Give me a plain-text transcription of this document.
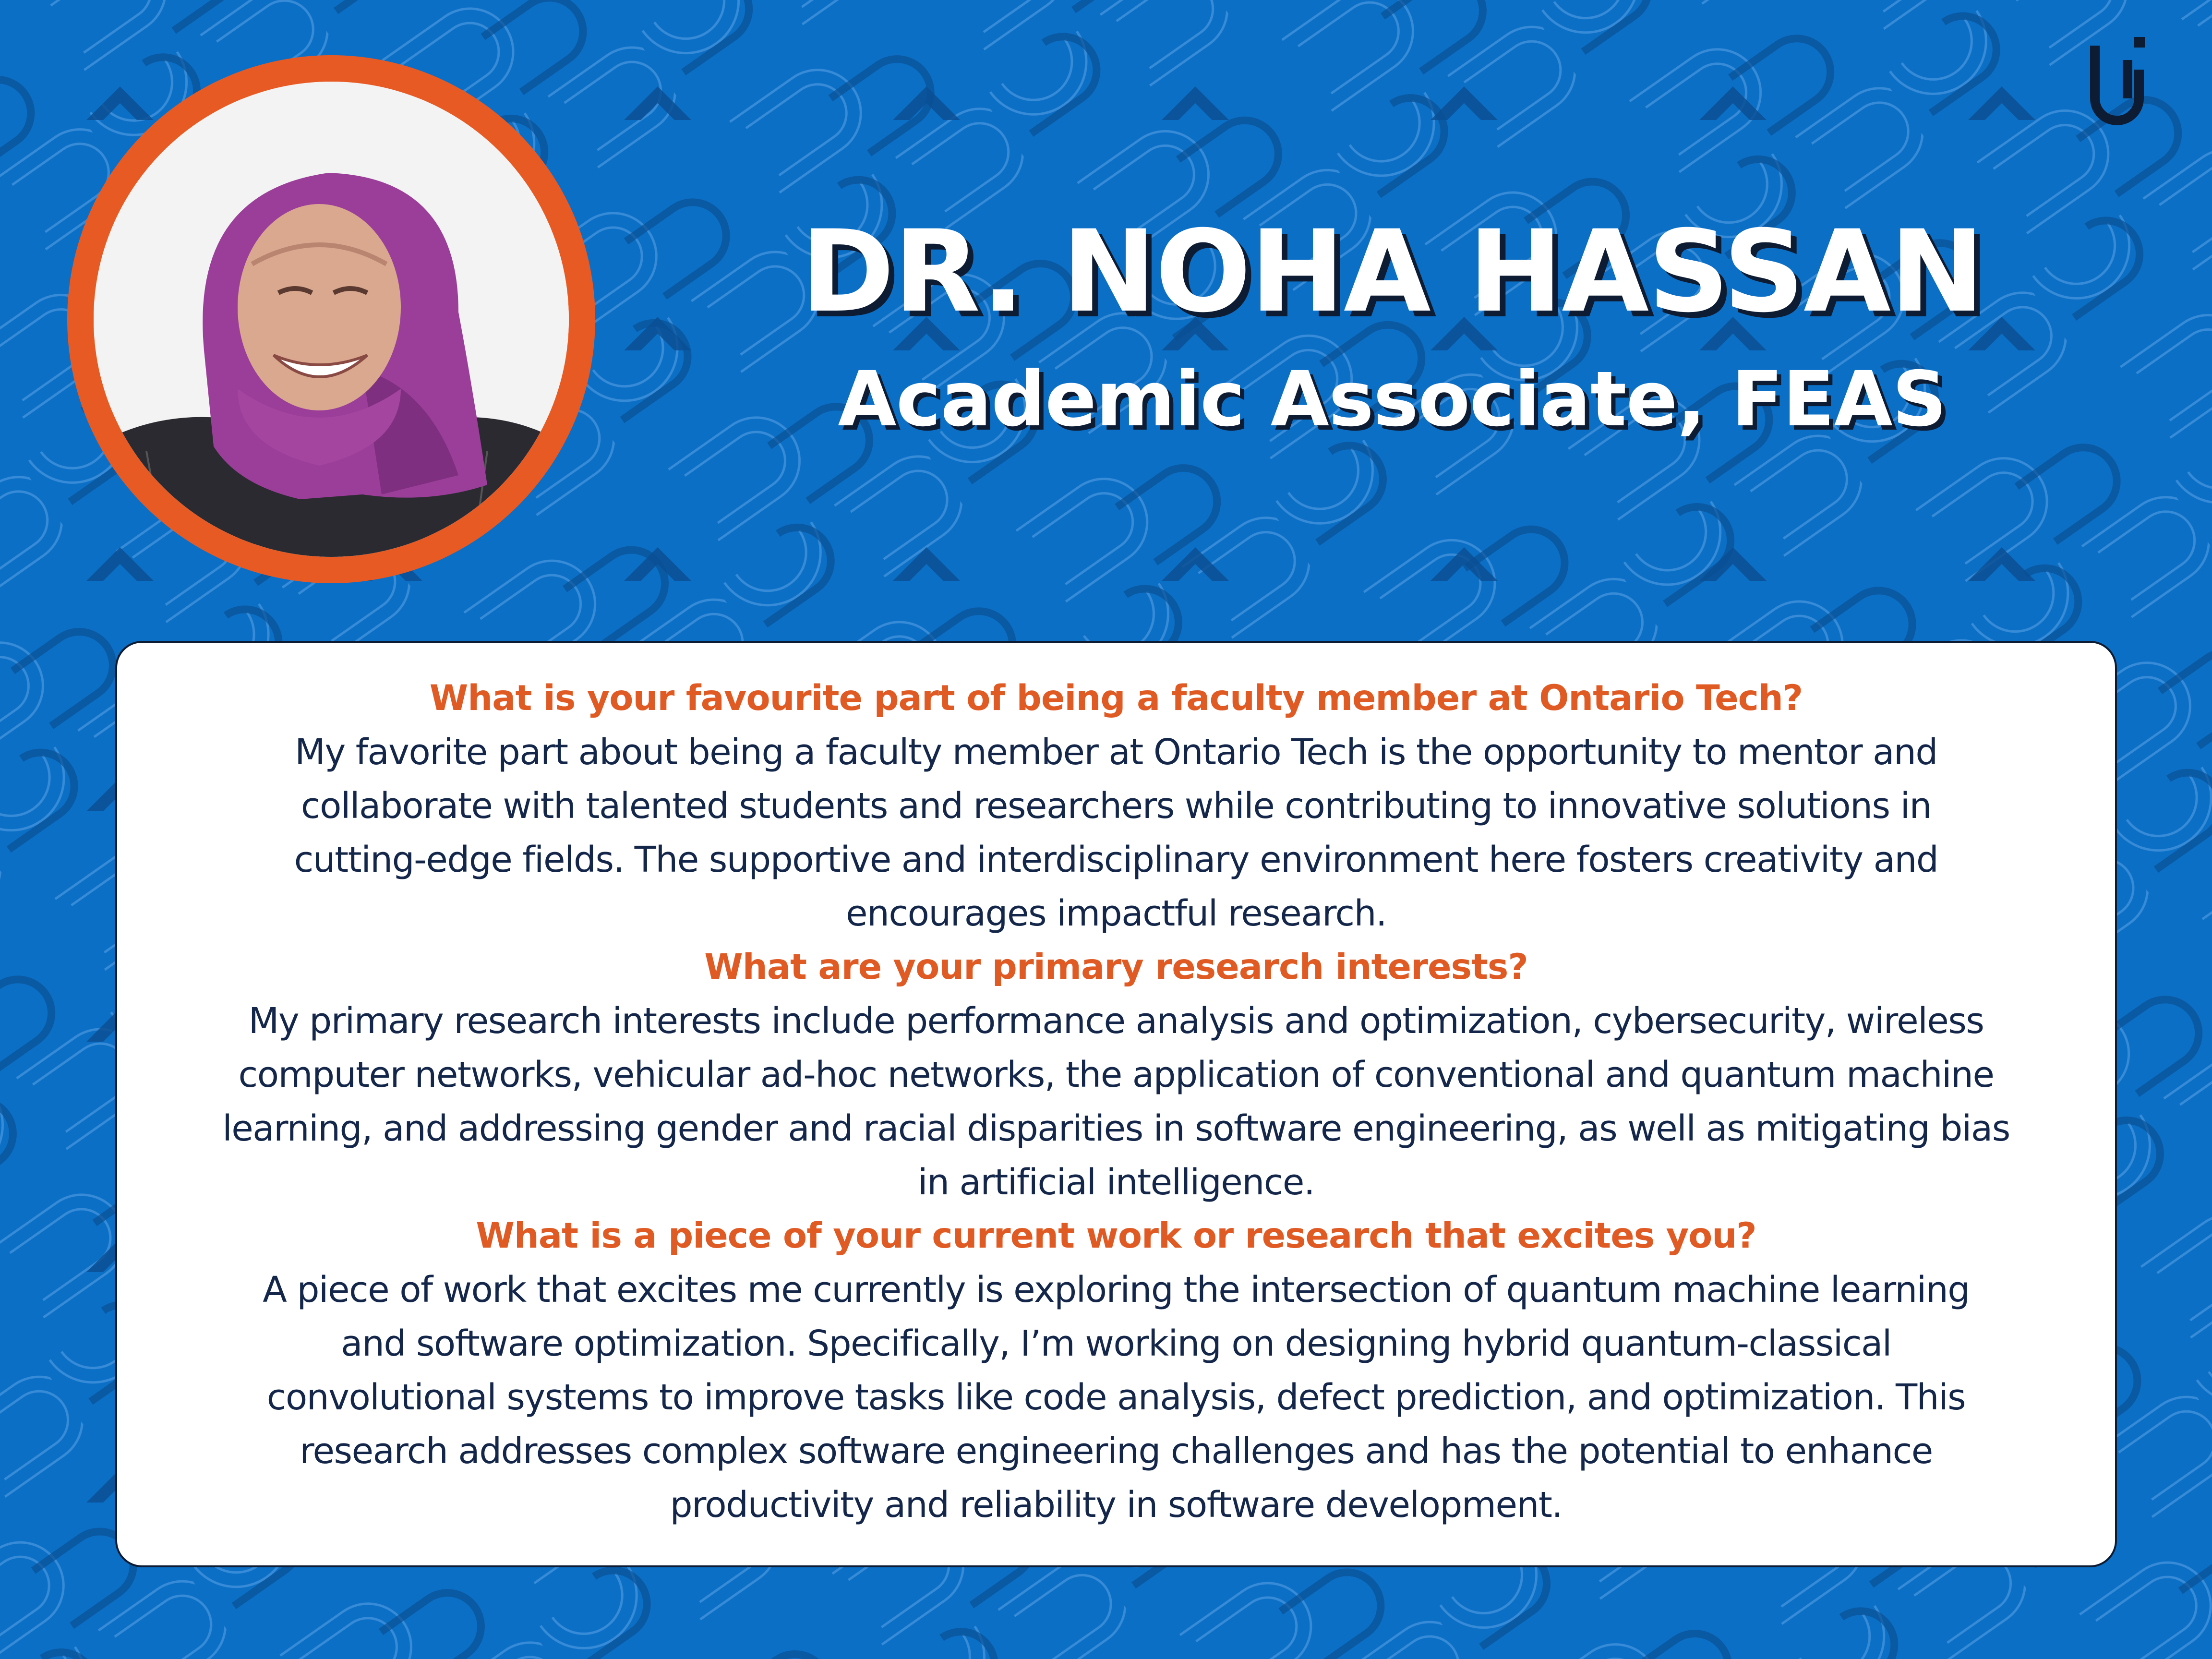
DR. NOHA HASSAN
Academic Associate, FEAS

What is your favourite part of being a faculty member at Ontario Tech?

My favorite part about being a faculty member at Ontario Tech is the opportunity to mentor and

collaborate with talented students and researchers while contributing to innovative solutions in

cutting-edge fields. The supportive and interdisciplinary environment here fosters creativity and

encourages impactful research.

What are your primary research interests?

My primary research interests include performance analysis and optimization, cybersecurity, wireless

computer networks, vehicular ad-hoc networks, the application of conventional and quantum machine

learning, and addressing gender and racial disparities in software engineering, as well as mitigating bias

in artificial intelligence.

What is a piece of your current work or research that excites you?

A piece of work that excites me currently is exploring the intersection of quantum machine learning

and software optimization. Specifically, I’m working on designing hybrid quantum-classical

convolutional systems to improve tasks like code analysis, defect prediction, and optimization. This

research addresses complex software engineering challenges and has the potential to enhance

productivity and reliability in software development.
